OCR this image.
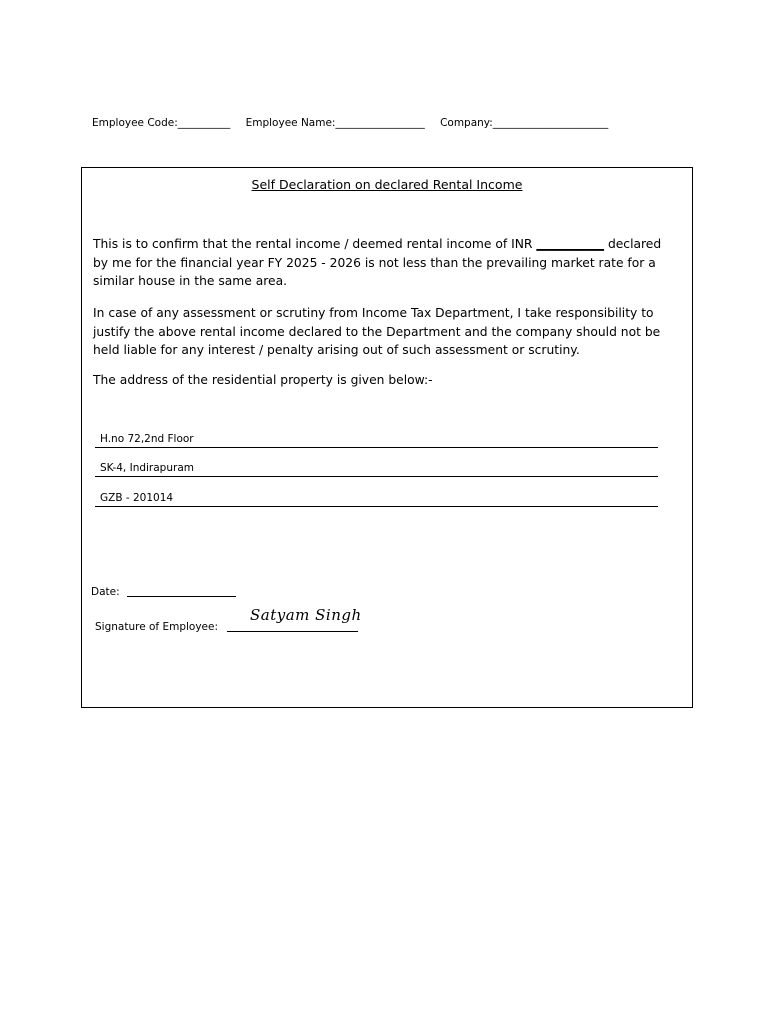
Employee Code:__________ Employee Name:_________________ Company:______________________
Self Declaration on declared Rental Income
This is to confirm that the rental income / deemed rental income of INR ___________ declared by me for the financial year FY 2025 - 2026 is not less than the prevailing market rate for a similar house in the same area.
In case of any assessment or scrutiny from Income Tax Department, I take responsibility to justify the above rental income declared to the Department and the company should not be held liable for any interest / penalty arising out of such assessment or scrutiny.
The address of the residential property is given below:-
H.no 72,2nd Floor
SK-4, Indirapuram
GZB - 201014
Date:
Signature of Employee:
Satyam Singh
